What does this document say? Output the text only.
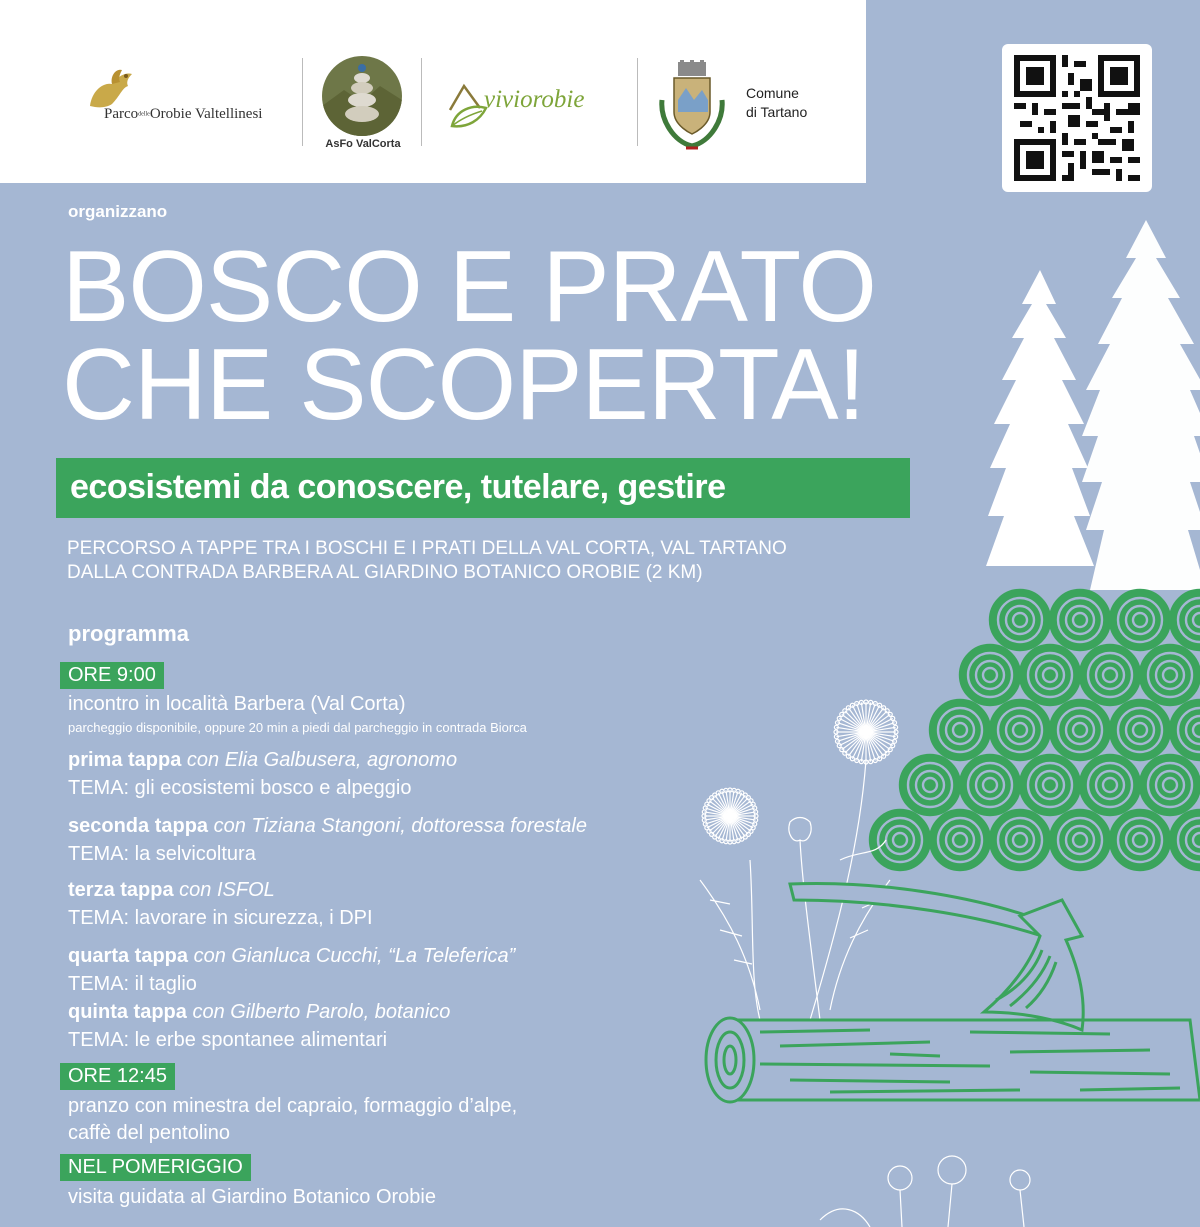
ParcodelleOrobie Valtellinesi
AsFo ValCorta
viviorobie	Comune
di Tartano
organizzano
BOSCO E PRATO
CHE SCOPERTA!
ecosistemi da conoscere, tutelare, gestire
PERCORSO A TAPPE TRA I BOSCHI E I PRATI DELLA VAL CORTA, VAL TARTANO
DALLA CONTRADA BARBERA AL GIARDINO BOTANICO OROBIE (2 KM)
programma
ORE 9:00
incontro in località Barbera (Val Corta)
parcheggio disponibile, oppure 20 min a piedi dal parcheggio in contrada Biorca
prima tappa con Elia Galbusera, agronomo
TEMA: gli ecosistemi bosco e alpeggio
seconda tappa con Tiziana Stangoni, dottoressa forestale
TEMA: la selvicoltura
terza tappa con ISFOL
TEMA: lavorare in sicurezza, i DPI
quarta tappa con Gianluca Cucchi, “La Teleferica”
TEMA: il taglio
quinta tappa con Gilberto Parolo, botanico
TEMA: le erbe spontanee alimentari
ORE 12:45
pranzo con minestra del capraio, formaggio d’alpe,
caffè del pentolino
NEL POMERIGGIO
visita guidata al Giardino Botanico Orobie
